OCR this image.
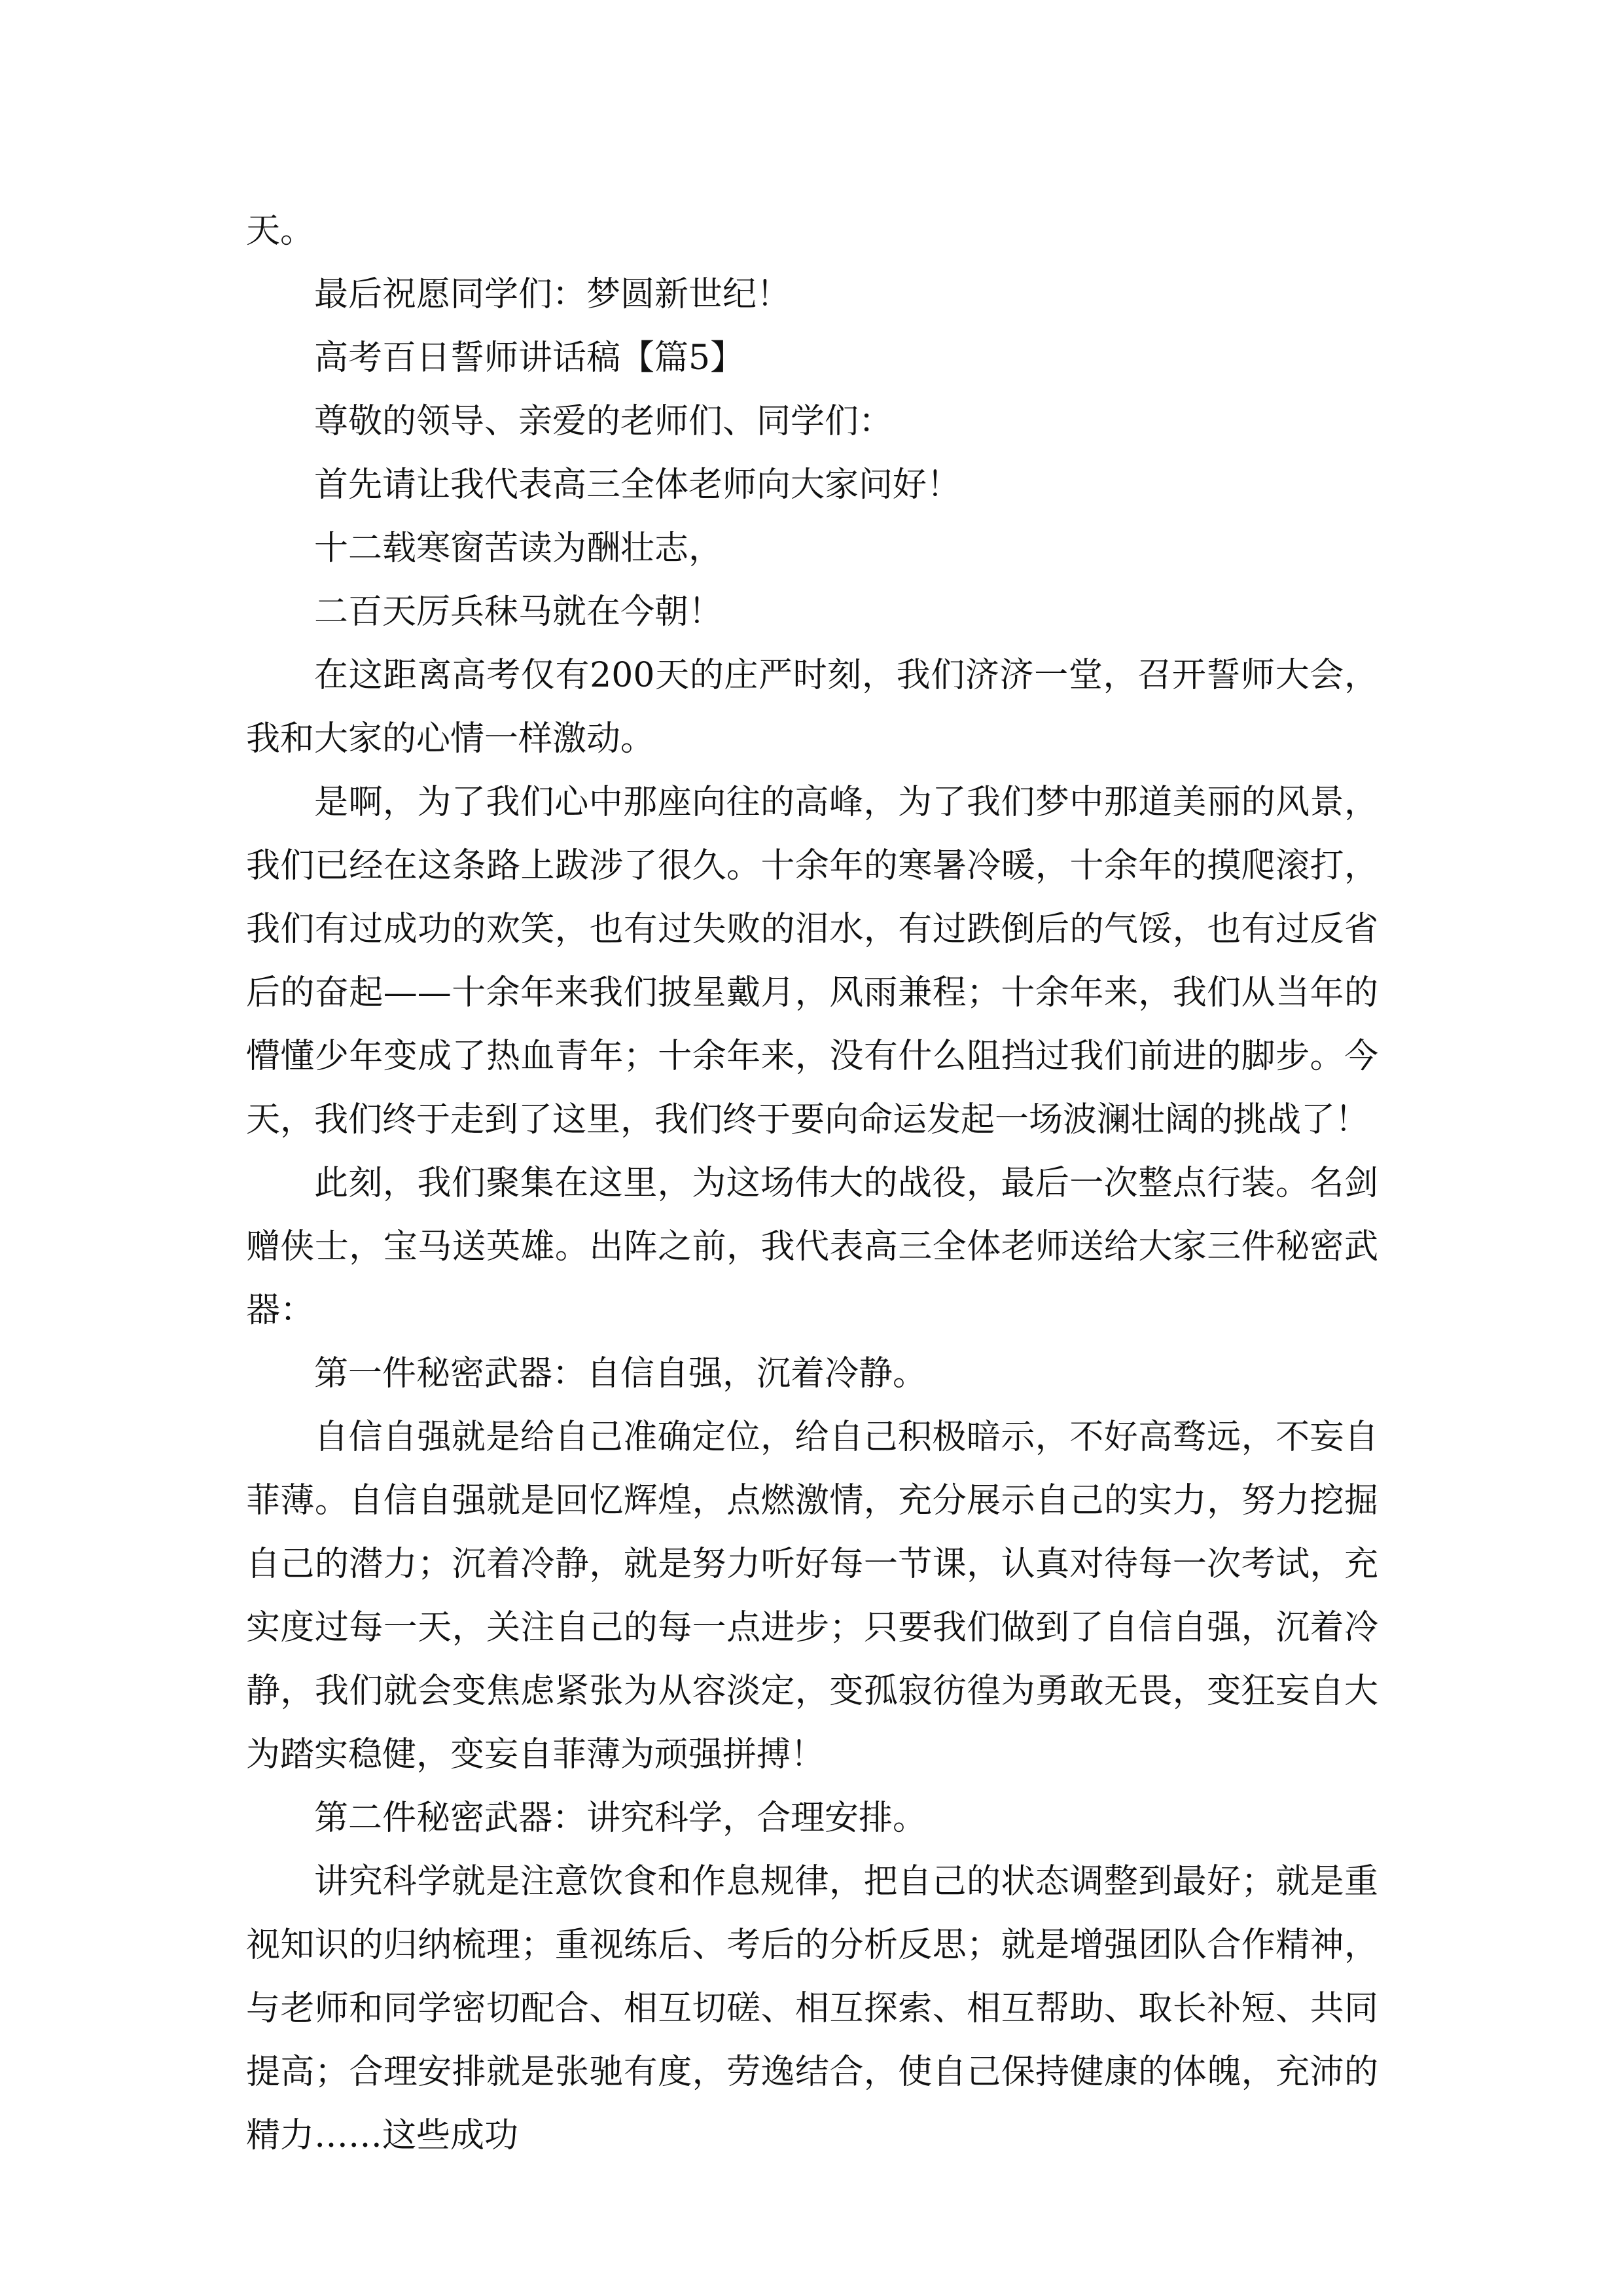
天。

最后祝愿同学们：梦圆新世纪！

高考百日誓师讲话稿【篇5】

尊敬的领导、亲爱的老师们、同学们：

首先请让我代表高三全体老师向大家问好！

十二载寒窗苦读为酬壮志，

二百天厉兵秣马就在今朝！

在这距离高考仅有200天的庄严时刻，我们济济一堂，召开誓师大会，我和大家的心情一样激动。

是啊，为了我们心中那座向往的高峰，为了我们梦中那道美丽的风景，我们已经在这条路上跋涉了很久。十余年的寒暑冷暖，十余年的摸爬滚打，我们有过成功的欢笑，也有过失败的泪水，有过跌倒后的气馁，也有过反省后的奋起——十余年来我们披星戴月，风雨兼程；十余年来，我们从当年的懵懂少年变成了热血青年；十余年来，没有什么阻挡过我们前进的脚步。今天，我们终于走到了这里，我们终于要向命运发起一场波澜壮阔的挑战了！

此刻，我们聚集在这里，为这场伟大的战役，最后一次整点行装。名剑赠侠士，宝马送英雄。出阵之前，我代表高三全体老师送给大家三件秘密武器：

第一件秘密武器：自信自强，沉着冷静。

自信自强就是给自己准确定位，给自己积极暗示，不好高骛远，不妄自菲薄。自信自强就是回忆辉煌，点燃激情，充分展示自己的实力，努力挖掘自己的潜力；沉着冷静，就是努力听好每一节课，认真对待每一次考试，充实度过每一天，关注自己的每一点进步；只要我们做到了自信自强，沉着冷静，我们就会变焦虑紧张为从容淡定，变孤寂彷徨为勇敢无畏，变狂妄自大为踏实稳健，变妄自菲薄为顽强拼搏！

第二件秘密武器：讲究科学，合理安排。

讲究科学就是注意饮食和作息规律，把自己的状态调整到最好；就是重视知识的归纳梳理；重视练后、考后的分析反思；就是增强团队合作精神，与老师和同学密切配合、相互切磋、相互探索、相互帮助、取长补短、共同提高；合理安排就是张驰有度，劳逸结合，使自己保持健康的体魄，充沛的精力……这些成功
